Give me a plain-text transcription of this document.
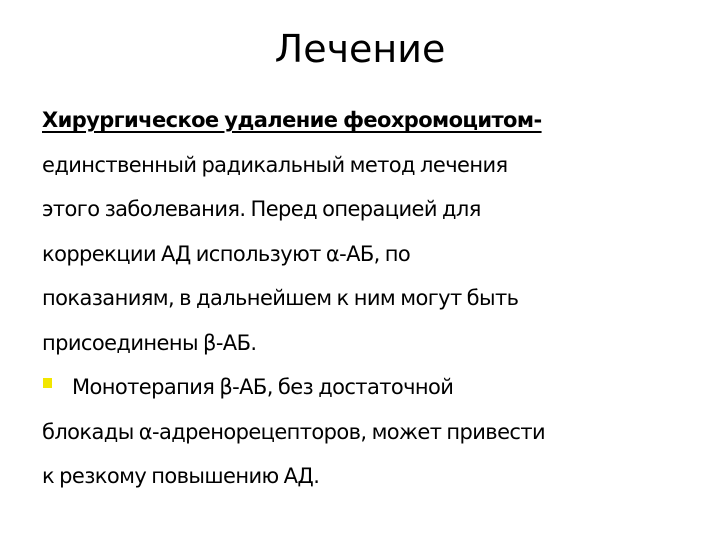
Лечение
Хирургическое удаление феохромоцитом-
единственный радикальный метод лечения
этого заболевания. Перед операцией для
коррекции АД используют α-АБ, по
показаниям, в дальнейшем к ним могут быть
присоединены β-АБ.
Монотерапия β-АБ, без достаточной
блокады α-адренорецепторов, может привести
к резкому повышению АД.
